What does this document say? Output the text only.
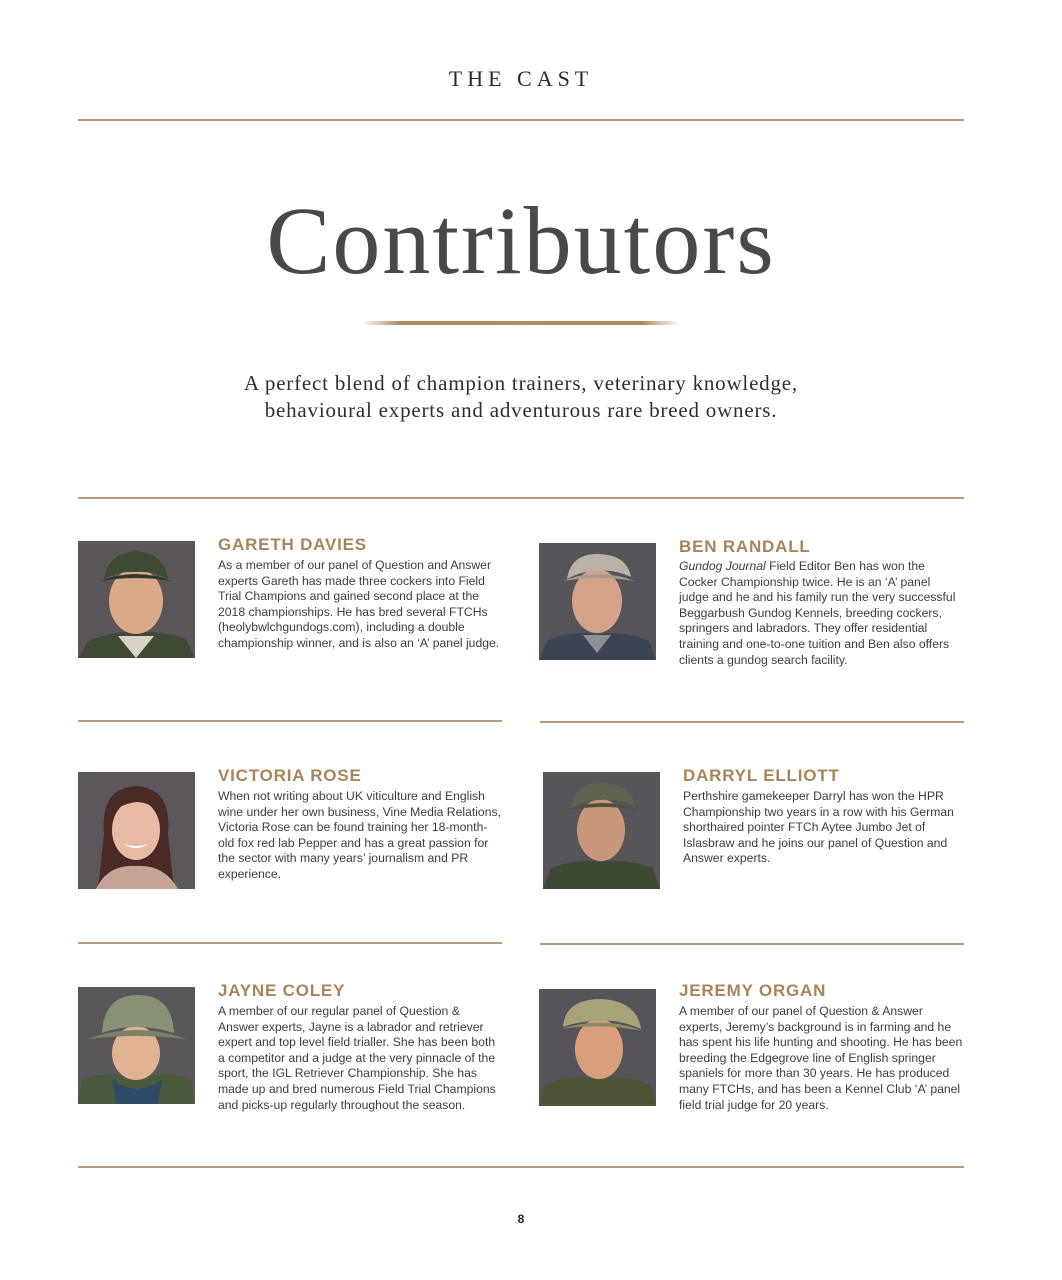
THE CAST
Contributors
A perfect blend of champion trainers, veterinary knowledge,
behavioural experts and adventurous rare breed owners.
GARETH DAVIES
As a member of our panel of Question and Answer experts Gareth has made three cockers into Field Trial Champions and gained second place at the 2018 championships. He has bred several FTCHs (heolybwlchgundogs.com), including a double championship winner, and is also an ‘A’ panel judge.
BEN RANDALL
Gundog Journal Field Editor Ben has won the Cocker Championship twice. He is an ‘A’ panel judge and he and his family run the very successful Beggarbush Gundog Kennels, breeding cockers, springers and labradors. They offer residential training and one-to-one tuition and Ben also offers clients a gundog search facility.
VICTORIA ROSE
When not writing about UK viticulture and English wine under her own business, Vine Media Relations, Victoria Rose can be found training her 18-month-old fox red lab Pepper and has a great passion for the sector with many years’ journalism and PR experience.
DARRYL ELLIOTT
Perthshire gamekeeper Darryl has won the HPR Championship two years in a row with his German shorthaired pointer FTCh Aytee Jumbo Jet of Islasbraw and he joins our panel of Question and Answer experts.
JAYNE COLEY
A member of our regular panel of Question & Answer experts, Jayne is a labrador and retriever expert and top level field trialler. She has been both a competitor and a judge at the very pinnacle of the sport, the IGL Retriever Championship. She has made up and bred numerous Field Trial Champions and picks-up regularly throughout the season.
JEREMY ORGAN
A member of our panel of Question & Answer experts, Jeremy’s background is in farming and he has spent his life hunting and shooting. He has been breeding the Edgegrove line of English springer spaniels for more than 30 years. He has produced many FTCHs, and has been a Kennel Club ‘A’ panel field trial judge for 20 years.
8
